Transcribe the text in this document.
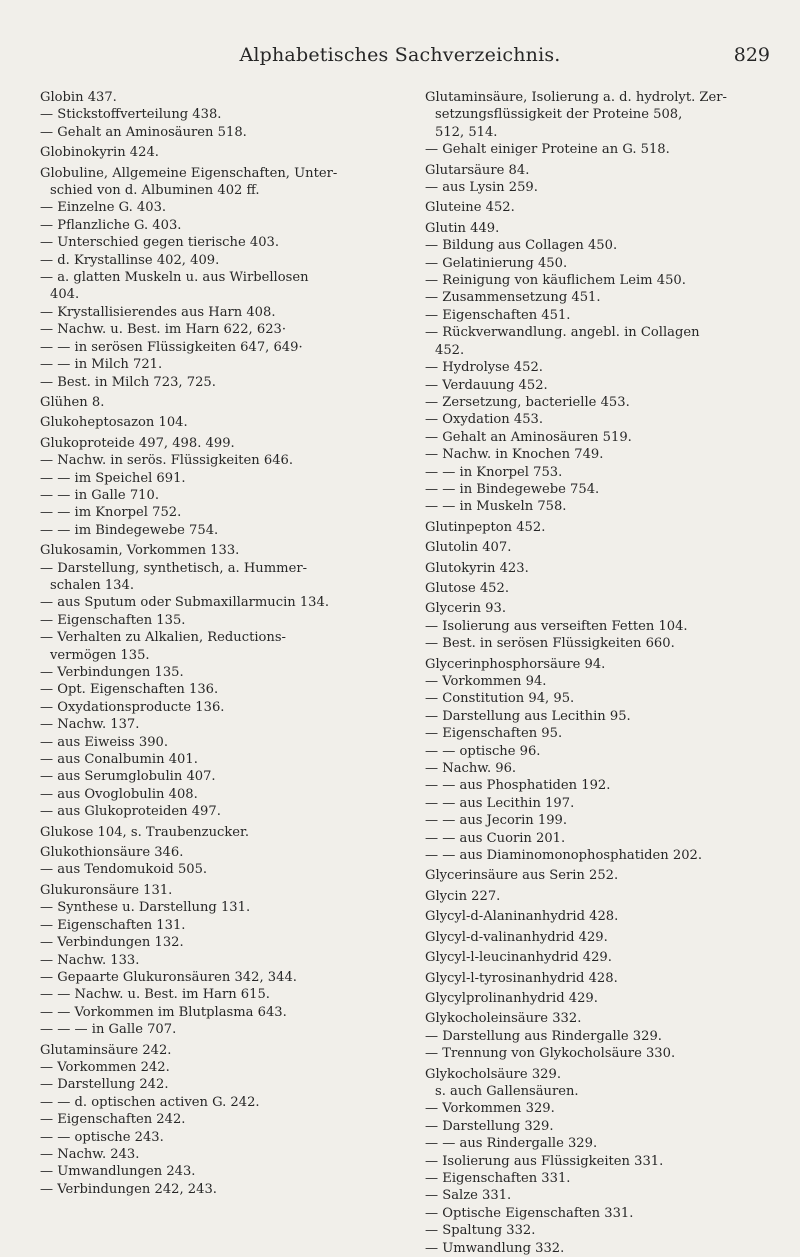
Alphabetisches Sachverzeichnis.	829
Globin 437.
— Stickstoffverteilung 438.
— Gehalt an Aminosäuren 518.
Globinokyrin 424.
Globuline, Allgemeine Eigenschaften, Unter-
schied von d. Albuminen 402 ff.
— Einzelne G. 403.
— Pflanzliche G. 403.
— Unterschied gegen tierische 403.
— d. Krystallinse 402, 409.
— a. glatten Muskeln u. aus Wirbellosen
404.
— Krystallisierendes aus Harn 408.
— Nachw. u. Best. im Harn 622, 623·
— — in serösen Flüssigkeiten 647, 649·
— — in Milch 721.
— Best. in Milch 723, 725.
Glühen 8.
Glukoheptosazon 104.
Glukoproteide 497, 498. 499.
— Nachw. in serös. Flüssigkeiten 646.
— — im Speichel 691.
— — in Galle 710.
— — im Knorpel 752.
— — im Bindegewebe 754.
Glukosamin, Vorkommen 133.
— Darstellung, synthetisch, a. Hummer-
schalen 134.
— aus Sputum oder Submaxillarmucin 134.
— Eigenschaften 135.
— Verhalten zu Alkalien, Reductions-
vermögen 135.
— Verbindungen 135.
— Opt. Eigenschaften 136.
— Oxydationsproducte 136.
— Nachw. 137.
— aus Eiweiss 390.
— aus Conalbumin 401.
— aus Serumglobulin 407.
— aus Ovoglobulin 408.
— aus Glukoproteiden 497.
Glukose 104, s. Traubenzucker.
Glukothionsäure 346.
— aus Tendomukoid 505.
Glukuronsäure 131.
— Synthese u. Darstellung 131.
— Eigenschaften 131.
— Verbindungen 132.
— Nachw. 133.
— Gepaarte Glukuronsäuren 342, 344.
— — Nachw. u. Best. im Harn 615.
— — Vorkommen im Blutplasma 643.
— — — in Galle 707.
Glutaminsäure 242.
— Vorkommen 242.
— Darstellung 242.
— — d. optischen activen G. 242.
— Eigenschaften 242.
— — optische 243.
— Nachw. 243.
— Umwandlungen 243.
— Verbindungen 242, 243.
Glutaminsäure, Isolierung a. d. hydrolyt. Zer-
setzungsflüssigkeit der Proteine 508,
512, 514.
— Gehalt einiger Proteine an G. 518.
Glutarsäure 84.
— aus Lysin 259.
Gluteine 452.
Glutin 449.
— Bildung aus Collagen 450.
— Gelatinierung 450.
— Reinigung von käuflichem Leim 450.
— Zusammensetzung 451.
— Eigenschaften 451.
— Rückverwandlung. angebl. in Collagen
452.
— Hydrolyse 452.
— Verdauung 452.
— Zersetzung, bacterielle 453.
— Oxydation 453.
— Gehalt an Aminosäuren 519.
— Nachw. in Knochen 749.
— — in Knorpel 753.
— — in Bindegewebe 754.
— — in Muskeln 758.
Glutinpepton 452.
Glutolin 407.
Glutokyrin 423.
Glutose 452.
Glycerin 93.
— Isolierung aus verseiften Fetten 104.
— Best. in serösen Flüssigkeiten 660.
Glycerinphosphorsäure 94.
— Vorkommen 94.
— Constitution 94, 95.
— Darstellung aus Lecithin 95.
— Eigenschaften 95.
— — optische 96.
— Nachw. 96.
— — aus Phosphatiden 192.
— — aus Lecithin 197.
— — aus Jecorin 199.
— — aus Cuorin 201.
— — aus Diaminomonophosphatiden 202.
Glycerinsäure aus Serin 252.
Glycin 227.
Glycyl-d-Alaninanhydrid 428.
Glycyl-d-valinanhydrid 429.
Glycyl-l-leucinanhydrid 429.
Glycyl-l-tyrosinanhydrid 428.
Glycylprolinanhydrid 429.
Glykocholeinsäure 332.
— Darstellung aus Rindergalle 329.
— Trennung von Glykocholsäure 330.
Glykocholsäure 329.
s. auch Gallensäuren.
— Vorkommen 329.
— Darstellung 329.
— — aus Rindergalle 329.
— Isolierung aus Flüssigkeiten 331.
— Eigenschaften 331.
— Salze 331.
— Optische Eigenschaften 331.
— Spaltung 332.
— Umwandlung 332.
